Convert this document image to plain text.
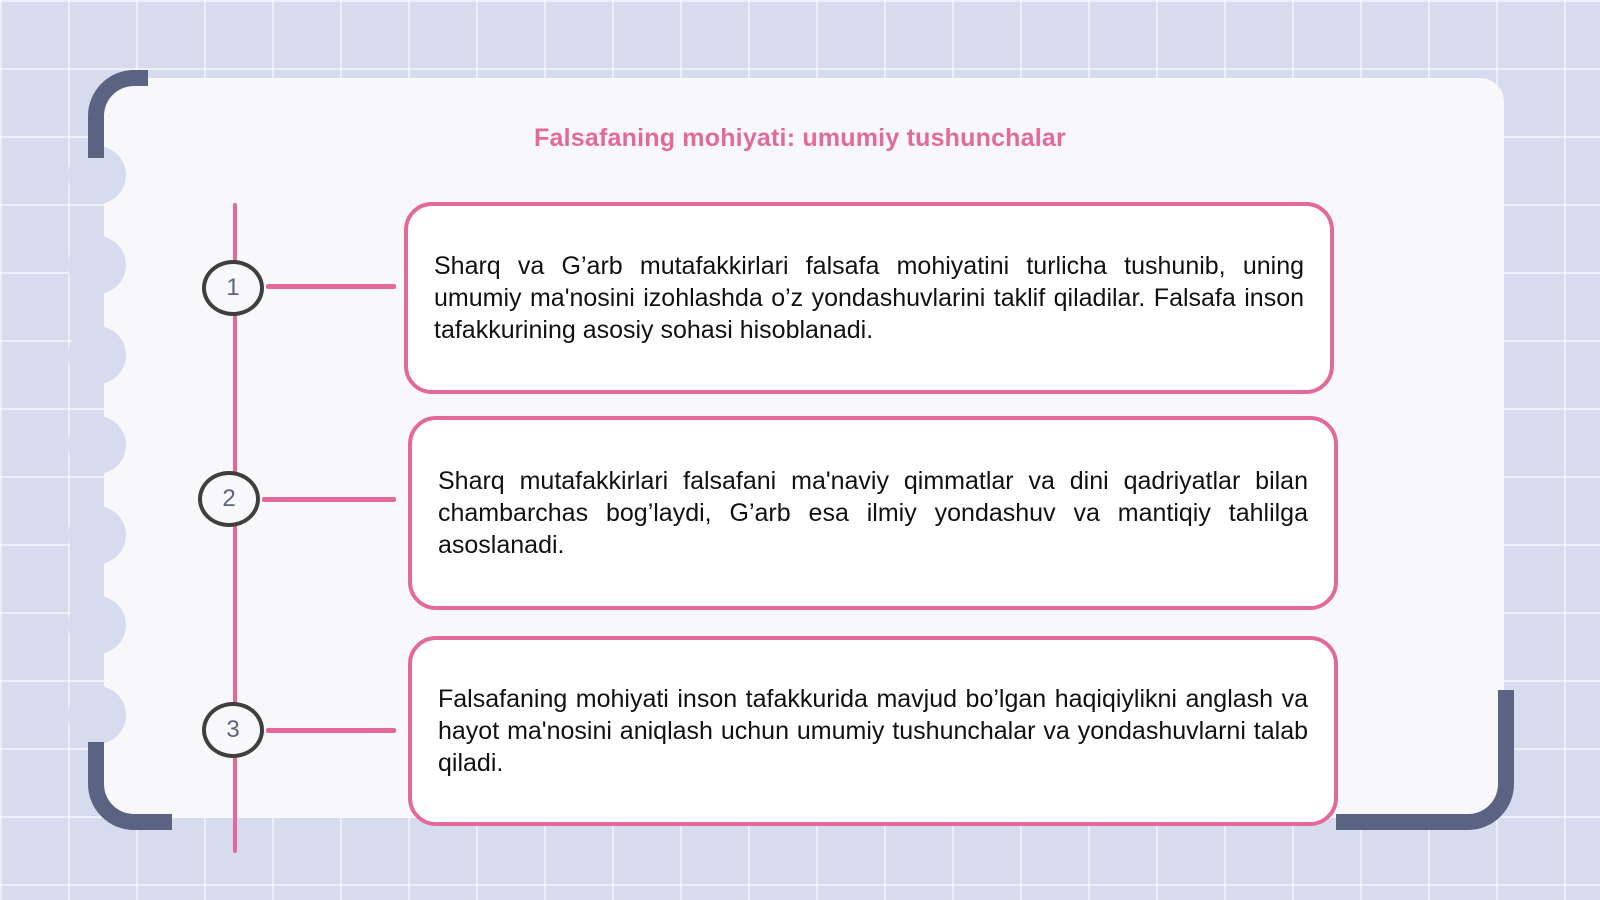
Falsafaning mohiyati: umumiy tushunchalar
1

Sharq va G’arb mutafakkirlari falsafa mohiyatini turlicha tushunib, uning umumiy ma'nosini izohlashda o’z yondashuvlarini taklif qiladilar. Falsafa inson tafakkurining asosiy sohasi hisoblanadi.

2

Sharq mutafakkirlari falsafani ma'naviy qimmatlar va dini qadriyatlar bilan chambarchas bog’laydi, G’arb esa ilmiy yondashuv va mantiqiy tahlilga asoslanadi.

3

Falsafaning mohiyati inson tafakkurida mavjud bo’lgan haqiqiylikni anglash va hayot ma'nosini aniqlash uchun umumiy tushunchalar va yondashuvlarni talab qiladi.
